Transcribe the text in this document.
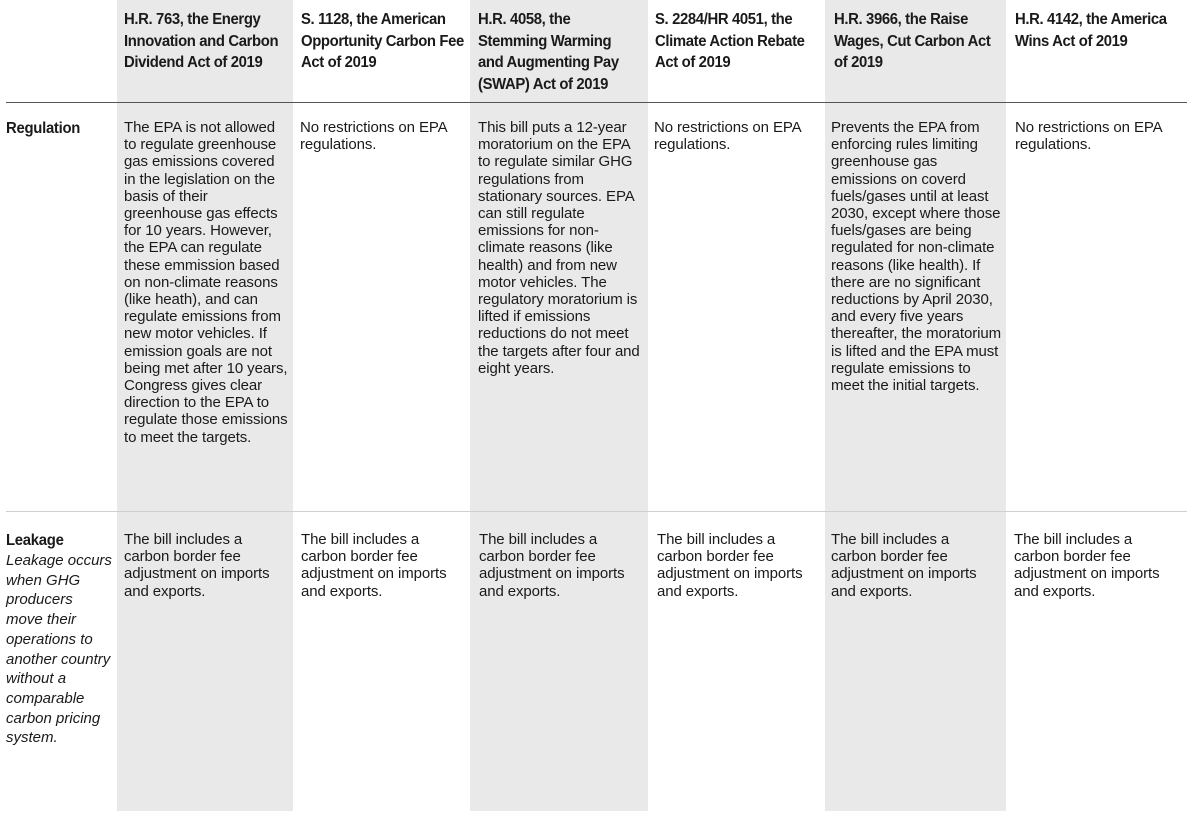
H.R. 763, the Energy Innovation and Carbon Dividend Act of 2019
S. 1128, the American Opportunity Carbon Fee Act of 2019
H.R. 4058, the Stemming Warming and Augmenting Pay (SWAP) Act of 2019
S. 2284/HR 4051, the Climate Action Rebate Act of 2019
H.R. 3966, the Raise Wages, Cut Carbon Act of 2019
H.R. 4142, the America Wins Act of 2019
Regulation	The EPA is not allowed to regulate greenhouse gas emissions covered in the legislation on the basis of their greenhouse gas effects for 10 years. However, the EPA can regulate these emmission based on non-climate reasons (like heath), and can regulate emissions from new motor vehicles. If emission goals are not being met after 10 years, Congress gives clear direction to the EPA to regulate those emissions to meet the targets.
No restrictions on EPA regulations.
This bill puts a 12-year moratorium on the EPA to regulate similar GHG regulations from stationary sources. EPA can still regulate emissions for non-climate reasons (like health) and from new motor vehicles. The regulatory moratorium is lifted if emissions reductions do not meet the targets after four and eight years.
No restrictions on EPA regulations.
Prevents the EPA from enforcing rules limiting greenhouse gas emissions on coverd fuels/gases until at least 2030, except where those fuels/gases are being regulated for non-climate reasons (like health). If there are no significant reductions by April 2030, and every five years thereafter, the moratorium is lifted and the EPA must regulate emissions to meet the initial targets.
No restrictions on EPA regulations.
Leakage
Leakage occurs when GHG producers move their operations to another country without a comparable carbon pricing system.
The bill includes a carbon border fee adjustment on imports and exports.
The bill includes a carbon border fee adjustment on imports and exports.
The bill includes a carbon border fee adjustment on imports and exports.
The bill includes a carbon border fee adjustment on imports and exports.
The bill includes a carbon border fee adjustment on imports and exports.
The bill includes a carbon border fee adjustment on imports and exports.
